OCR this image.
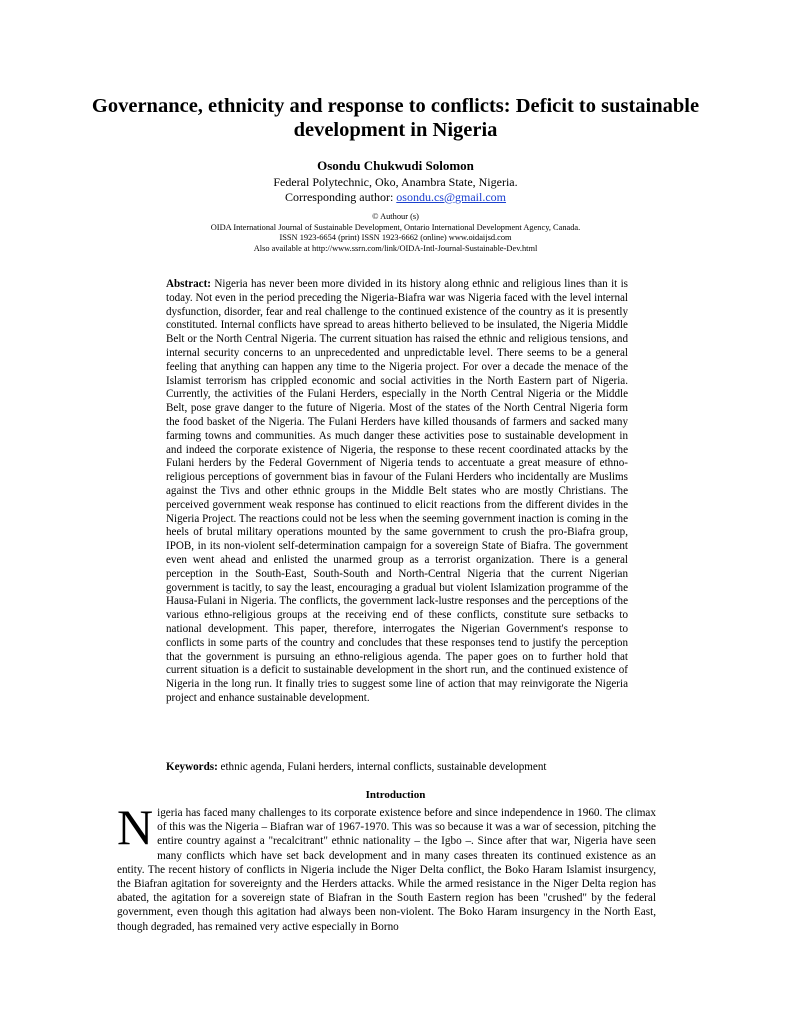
Governance, ethnicity and response to conflicts: Deficit to sustainable development in Nigeria
Osondu Chukwudi Solomon
Federal Polytechnic, Oko, Anambra State, Nigeria.
Corresponding author: osondu.cs@gmail.com
© Authour (s)
OIDA International Journal of Sustainable Development, Ontario International Development Agency, Canada.
ISSN 1923-6654 (print) ISSN 1923-6662 (online) www.oidaijsd.com
Also available at http://www.ssrn.com/link/OIDA-Intl-Journal-Sustainable-Dev.html
Abstract: Nigeria has never been more divided in its history along ethnic and religious lines than it is today. Not even in the period preceding the Nigeria-Biafra war was Nigeria faced with the level internal dysfunction, disorder, fear and real challenge to the continued existence of the country as it is presently constituted. Internal conflicts have spread to areas hitherto believed to be insulated, the Nigeria Middle Belt or the North Central Nigeria. The current situation has raised the ethnic and religious tensions, and internal security concerns to an unprecedented and unpredictable level. There seems to be a general feeling that anything can happen any time to the Nigeria project. For over a decade the menace of the Islamist terrorism has crippled economic and social activities in the North Eastern part of Nigeria. Currently, the activities of the Fulani Herders, especially in the North Central Nigeria or the Middle Belt, pose grave danger to the future of Nigeria. Most of the states of the North Central Nigeria form the food basket of the Nigeria. The Fulani Herders have killed thousands of farmers and sacked many farming towns and communities. As much danger these activities pose to sustainable development in and indeed the corporate existence of Nigeria, the response to these recent coordinated attacks by the Fulani herders by the Federal Government of Nigeria tends to accentuate a great measure of ethno-religious perceptions of government bias in favour of the Fulani Herders who incidentally are Muslims against the Tivs and other ethnic groups in the Middle Belt states who are mostly Christians. The perceived government weak response has continued to elicit reactions from the different divides in the Nigeria Project. The reactions could not be less when the seeming government inaction is coming in the heels of brutal military operations mounted by the same government to crush the pro-Biafra group, IPOB, in its non-violent self-determination campaign for a sovereign State of Biafra. The government even went ahead and enlisted the unarmed group as a terrorist organization. There is a general perception in the South-East, South-South and North-Central Nigeria that the current Nigerian government is tacitly, to say the least, encouraging a gradual but violent Islamization programme of the Hausa-Fulani in Nigeria. The conflicts, the government lack-lustre responses and the perceptions of the various ethno-religious groups at the receiving end of these conflicts, constitute sure setbacks to national development. This paper, therefore, interrogates the Nigerian Government's response to conflicts in some parts of the country and concludes that these responses tend to justify the perception that the government is pursuing an ethno-religious agenda. The paper goes on to further hold that current situation is a deficit to sustainable development in the short run, and the continued existence of Nigeria in the long run. It finally tries to suggest some line of action that may reinvigorate the Nigeria project and enhance sustainable development.
Keywords: ethnic agenda, Fulani herders, internal conflicts, sustainable development
Introduction
N igeria has faced many challenges to its corporate existence before and since independence in 1960. The climax of this was the Nigeria – Biafran war of 1967-1970. This was so because it was a war of secession, pitching the entire country against a "recalcitrant" ethnic nationality – the Igbo –. Since after that war, Nigeria have seen many conflicts which have set back development and in many cases threaten its continued existence as an entity. The recent history of conflicts in Nigeria include the Niger Delta conflict, the Boko Haram Islamist insurgency, the Biafran agitation for sovereignty and the Herders attacks. While the armed resistance in the Niger Delta region has abated, the agitation for a sovereign state of Biafran in the South Eastern region has been "crushed" by the federal government, even though this agitation had always been non-violent. The Boko Haram insurgency in the North East, though degraded, has remained very active especially in Borno
